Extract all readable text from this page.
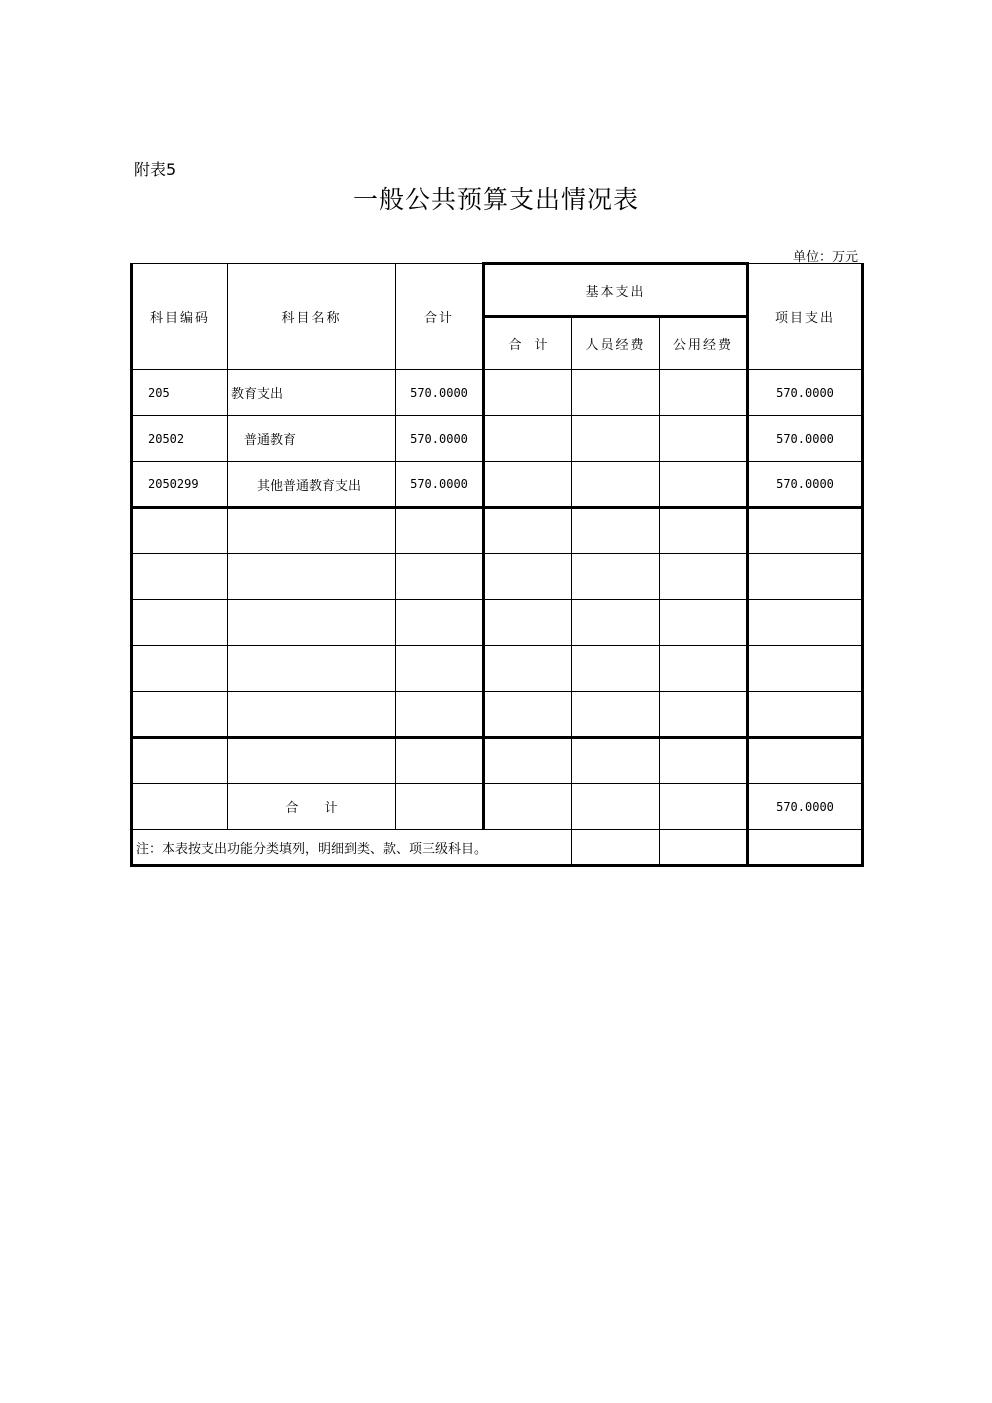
附表5
一般公共预算支出情况表
单位：万元
科目编码	科目名称	合计	基本支出			项目支出
			合　计	人员经费	公用经费	
205	教育支出	570.0000				570.0000
20502	普通教育	570.0000				570.0000
2050299	其他普通教育支出	570.0000				570.0000

	合 计					570.0000
注：本表按支出功能分类填列，明细到类、款、项三级科目。						
